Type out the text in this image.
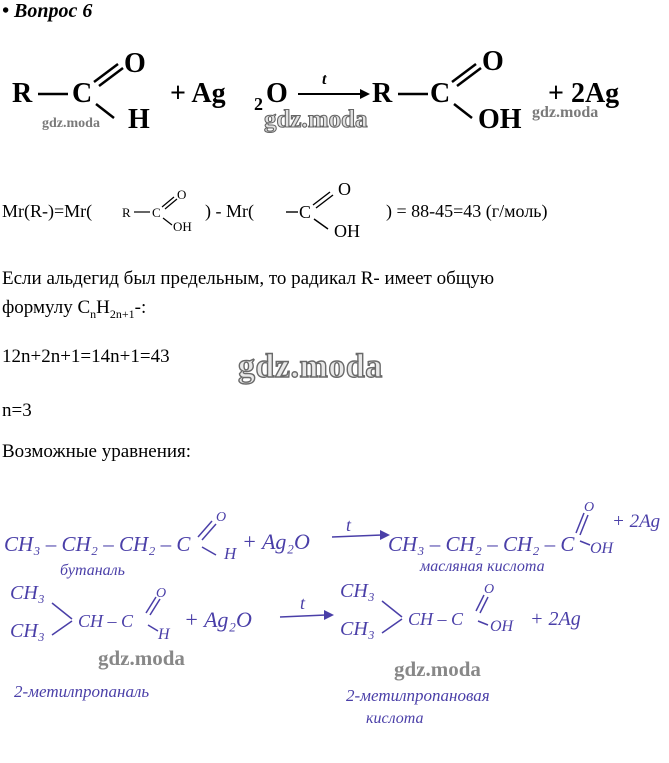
• Вопрос 6
R C
O
H
+ Ag 2 O t R C
O
OH
+ 2Ag
gdz.moda	gdz.moda	gdz.moda
Mr(R-)=Mr( R C
O
OH
) - Mr(	C
O
OH
) = 88-45=43 (г/моль)
Если альдегид был предельным, то радикал R- имеет общую
формулу $C_nH_{2n+1}-$:
12n+2n+1=14n+1=43
n=3
Возможные уравнения:
gdz.moda
CH₃ – CH₂ – CH₂ – C
O
H + Ag₂O
t
CH₃ – CH₂ – CH₂ – C
O
OH
+ 2Ag
бутаналь	масляная кислота
CH₃
CH₃ CH – C
O
H
+ Ag₂O
t
CH₃
CH₃ CH – C
O
OH + 2Ag
2-метилпропаналь	2-метилпропановая
кислота
gdz.moda	gdz.moda
